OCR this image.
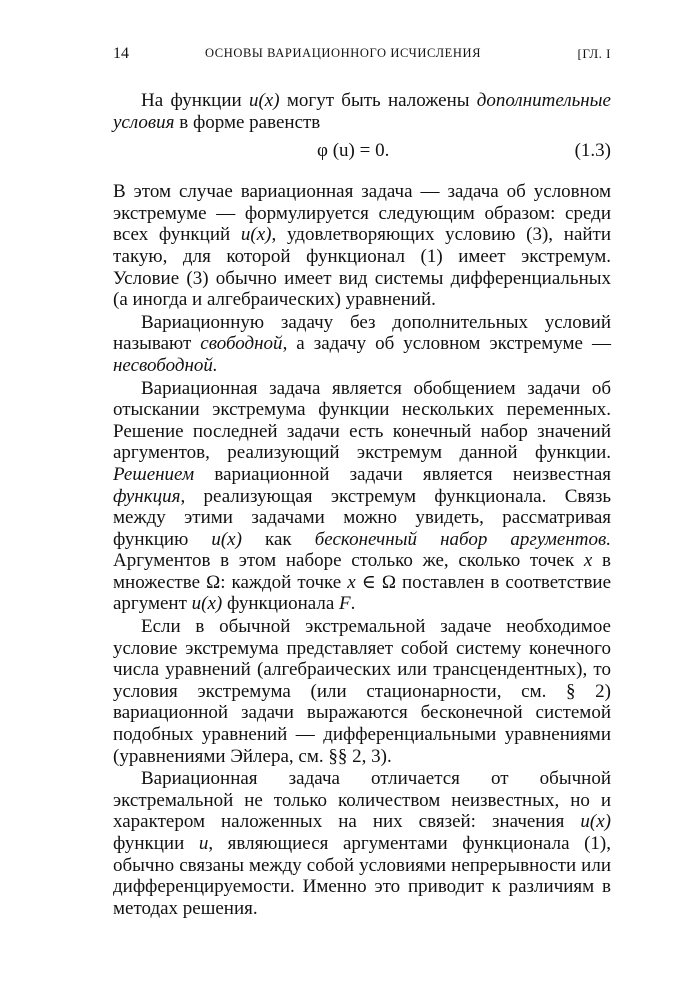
14	ОСНОВЫ ВАРИАЦИОННОГО ИСЧИСЛЕНИЯ	[ГЛ. I

На функции u(x) могут быть наложены дополнительные условия в форме равенств

φ (u) = 0.	(1.3)

В этом случае вариационная задача — задача об условном экстремуме — формулируется следующим образом: среди всех функций u(x), удовлетворяющих условию (3), найти такую, для которой функционал (1) имеет экстремум. Условие (3) обычно имеет вид системы дифференциальных (а иногда и алгебраических) уравнений.

Вариационную задачу без дополнительных условий называют свободной, а задачу об условном экстремуме — несвободной.

Вариационная задача является обобщением задачи об отыскании экстремума функции нескольких переменных. Решение последней задачи есть конечный набор значений аргументов, реализующий экстремум данной функции. Решением вариационной задачи является неизвестная функция, реализующая экстремум функционала. Связь между этими задачами можно увидеть, рассматривая функцию u(x) как бесконечный набор аргументов. Аргументов в этом наборе столько же, сколько точек x в множестве Ω: каждой точке x ∈ Ω поставлен в соответствие аргумент u(x) функционала F.

Если в обычной экстремальной задаче необходимое условие экстремума представляет собой систему конечного числа уравнений (алгебраических или трансцендентных), то условия экстремума (или стационарности, см. § 2) вариационной задачи выражаются бесконечной системой подобных уравнений — дифференциальными уравнениями (уравнениями Эйлера, см. §§ 2, 3).

Вариационная задача отличается от обычной экстремальной не только количеством неизвестных, но и характером наложенных на них связей: значения u(x) функции u, являющиеся аргументами функционала (1), обычно связаны между собой условиями непрерывности или дифференцируемости. Именно это приводит к различиям в методах решения.
